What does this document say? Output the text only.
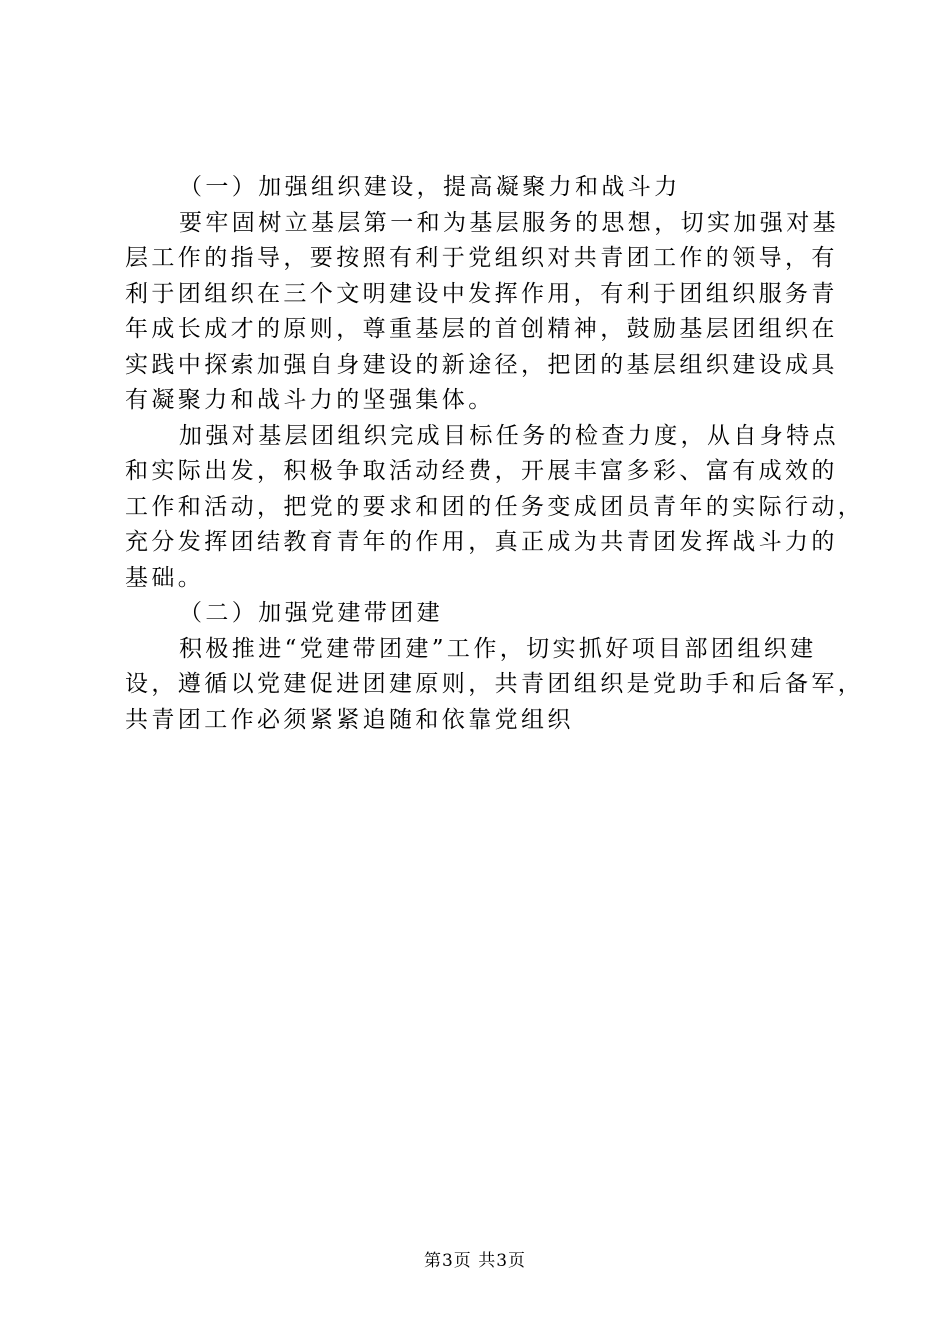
（一）加强组织建设，提高凝聚力和战斗力
要牢固树立基层第一和为基层服务的思想，切实加强对基
层工作的指导，要按照有利于党组织对共青团工作的领导，有
利于团组织在三个文明建设中发挥作用，有利于团组织服务青
年成长成才的原则，尊重基层的首创精神，鼓励基层团组织在
实践中探索加强自身建设的新途径，把团的基层组织建设成具
有凝聚力和战斗力的坚强集体。
加强对基层团组织完成目标任务的检查力度，从自身特点
和实际出发，积极争取活动经费，开展丰富多彩、富有成效的
工作和活动，把党的要求和团的任务变成团员青年的实际行动，
充分发挥团结教育青年的作用，真正成为共青团发挥战斗力的
基础。
（二）加强党建带团建
积极推进“党建带团建”工作，切实抓好项目部团组织建
设，遵循以党建促进团建原则，共青团组织是党助手和后备军，
共青团工作必须紧紧追随和依靠党组织
第3页 共3页
